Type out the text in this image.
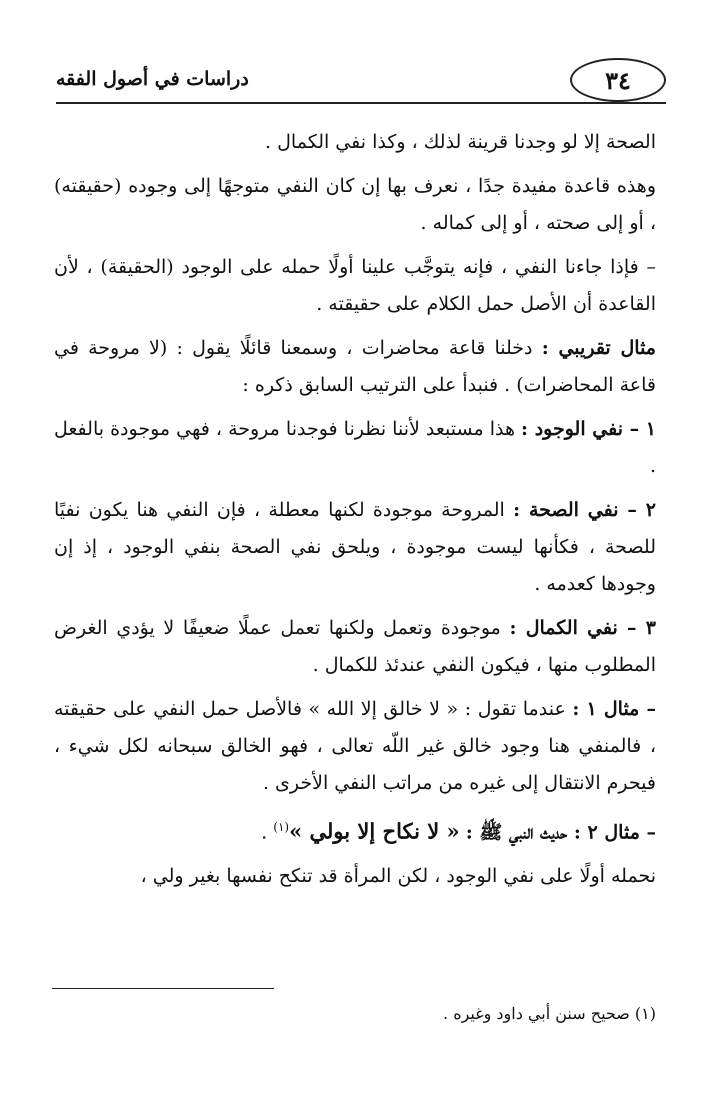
٣٤
دراسات في أصول الفقه

الصحة إلا لو وجدنا قرينة لذلك ، وكذا نفي الكمال .

وهذه قاعدة مفيدة جدًا ، نعرف بها إن كان النفي متوجهًا إلى وجوده (حقيقته) ، أو إلى صحته ، أو إلى كماله .

– فإذا جاءنا النفي ، فإنه يتوجَّب علينا أولًا حمله على الوجود (الحقيقة) ، لأن القاعدة أن الأصل حمل الكلام على حقيقته .

مثال تقريبي : دخلنا قاعة محاضرات ، وسمعنا قائلًا يقول : (لا مروحة في قاعة المحاضرات) . فنبدأ على الترتيب السابق ذكره :

١ – نفي الوجود : هذا مستبعد لأننا نظرنا فوجدنا مروحة ، فهي موجودة بالفعل .

٢ – نفي الصحة : المروحة موجودة لكنها معطلة ، فإن النفي هنا يكون نفيًا للصحة ، فكأنها ليست موجودة ، ويلحق نفي الصحة بنفي الوجود ، إذ إن وجودها كعدمه .

٣ – نفي الكمال : موجودة وتعمل ولكنها تعمل عملًا ضعيفًا لا يؤدي الغرض المطلوب منها ، فيكون النفي عندئذ للكمال .

– مثال ١ : عندما تقول : « لا خالق إلا الله » فالأصل حمل النفي على حقيقته ، فالمنفي هنا وجود خالق غير اللّه تعالى ، فهو الخالق سبحانه لكل شيء ، فيحرم الانتقال إلى غيره من مراتب النفي الأخرى .

– مثال ٢ : حديث النبي ﷺ : « لا نكاح إلا بولي »$^{(١)}$ .

نحمله أولًا على نفي الوجود ، لكن المرأة قد تنكح نفسها بغير ولي ،

(١) صحيح سنن أبي داود وغيره .
